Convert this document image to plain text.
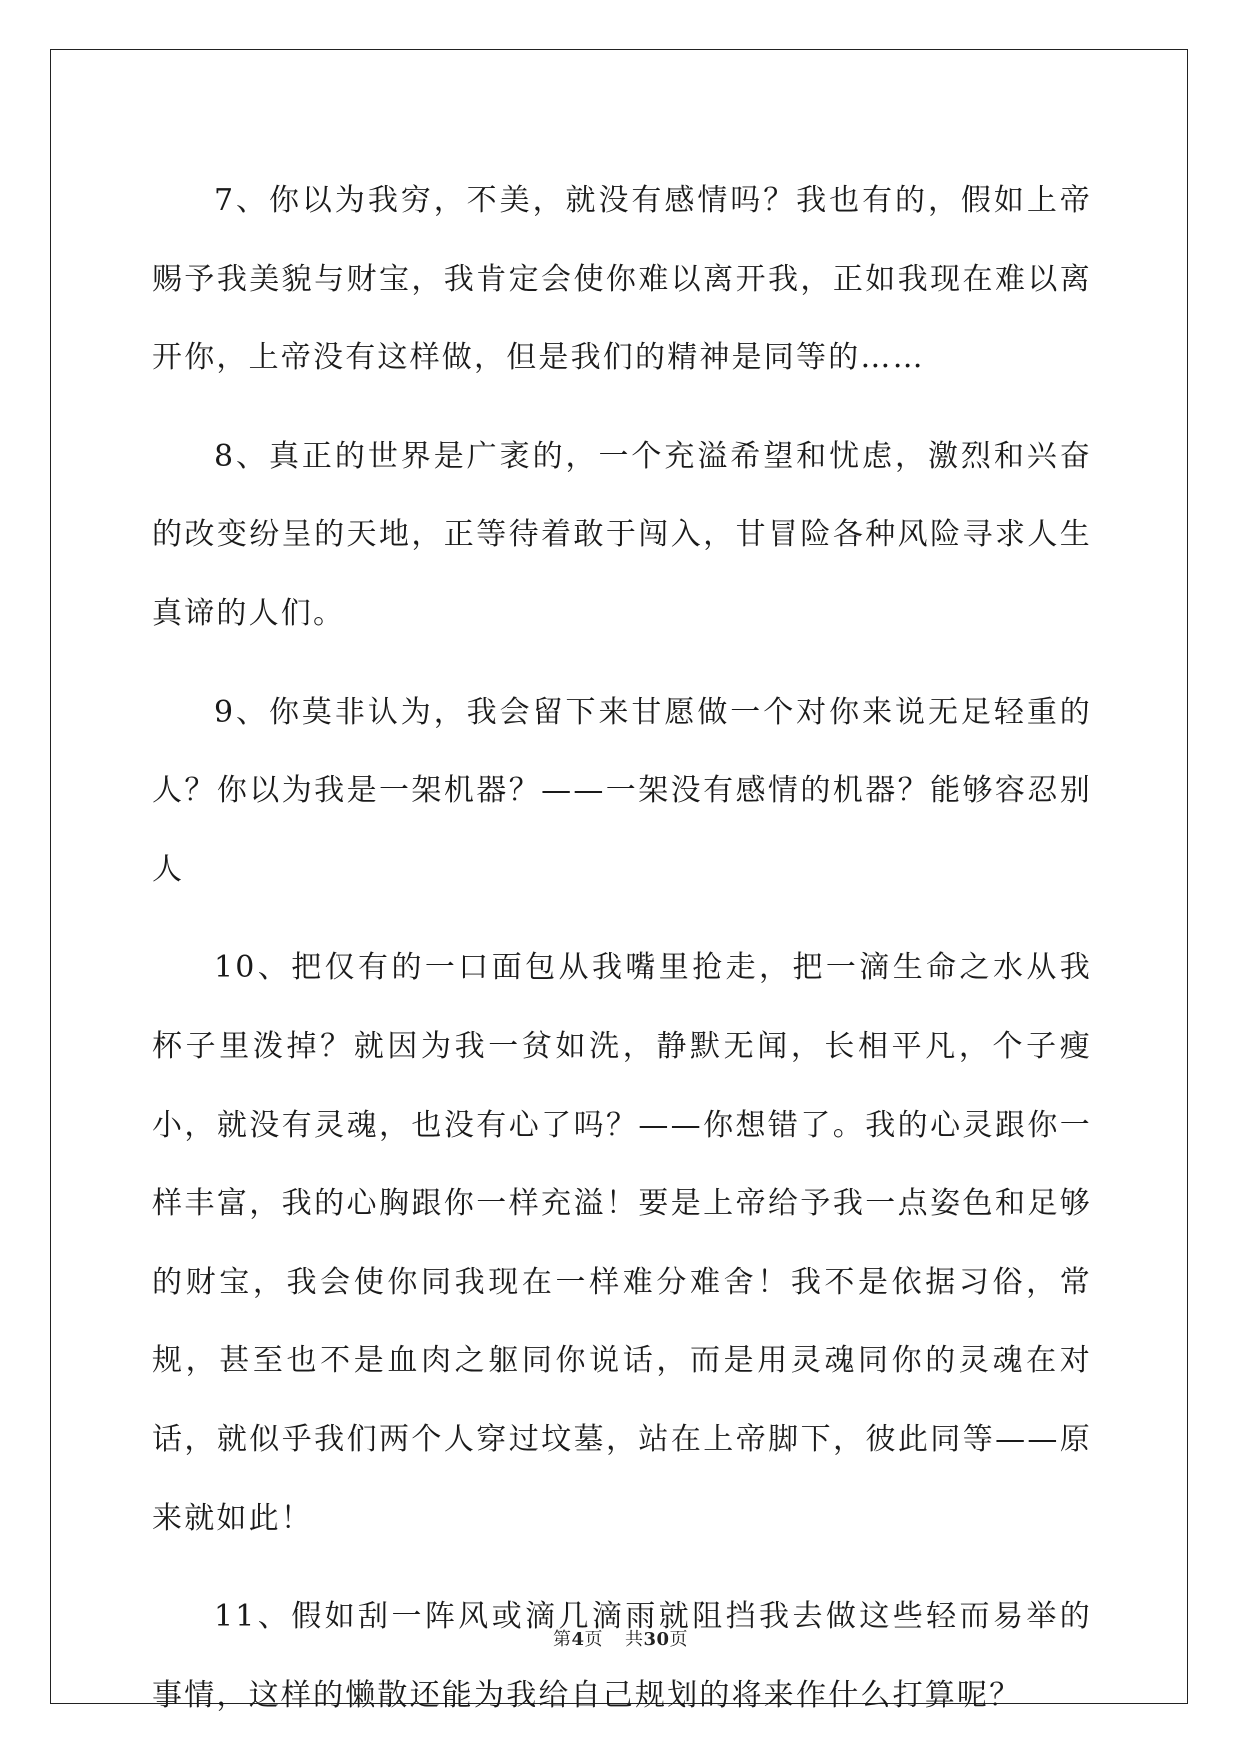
7、你以为我穷，不美，就没有感情吗？我也有的，假如上帝赐予我美貌与财宝，我肯定会使你难以离开我，正如我现在难以离开你，上帝没有这样做，但是我们的精神是同等的……

8、真正的世界是广袤的，一个充溢希望和忧虑，激烈和兴奋的改变纷呈的天地，正等待着敢于闯入，甘冒险各种风险寻求人生真谛的人们。

9、你莫非认为，我会留下来甘愿做一个对你来说无足轻重的人？你以为我是一架机器？——一架没有感情的机器？能够容忍别人

10、把仅有的一口面包从我嘴里抢走，把一滴生命之水从我杯子里泼掉？就因为我一贫如洗，静默无闻，长相平凡，个子瘦小，就没有灵魂，也没有心了吗？——你想错了。我的心灵跟你一样丰富，我的心胸跟你一样充溢！要是上帝给予我一点姿色和足够的财宝，我会使你同我现在一样难分难舍！我不是依据习俗，常规，甚至也不是血肉之躯同你说话，而是用灵魂同你的灵魂在对话，就似乎我们两个人穿过坟墓，站在上帝脚下，彼此同等——原来就如此！

11、假如刮一阵风或滴几滴雨就阻挡我去做这些轻而易举的事情，这样的懒散还能为我给自己规划的将来作什么打算呢？

第4页 共30页
